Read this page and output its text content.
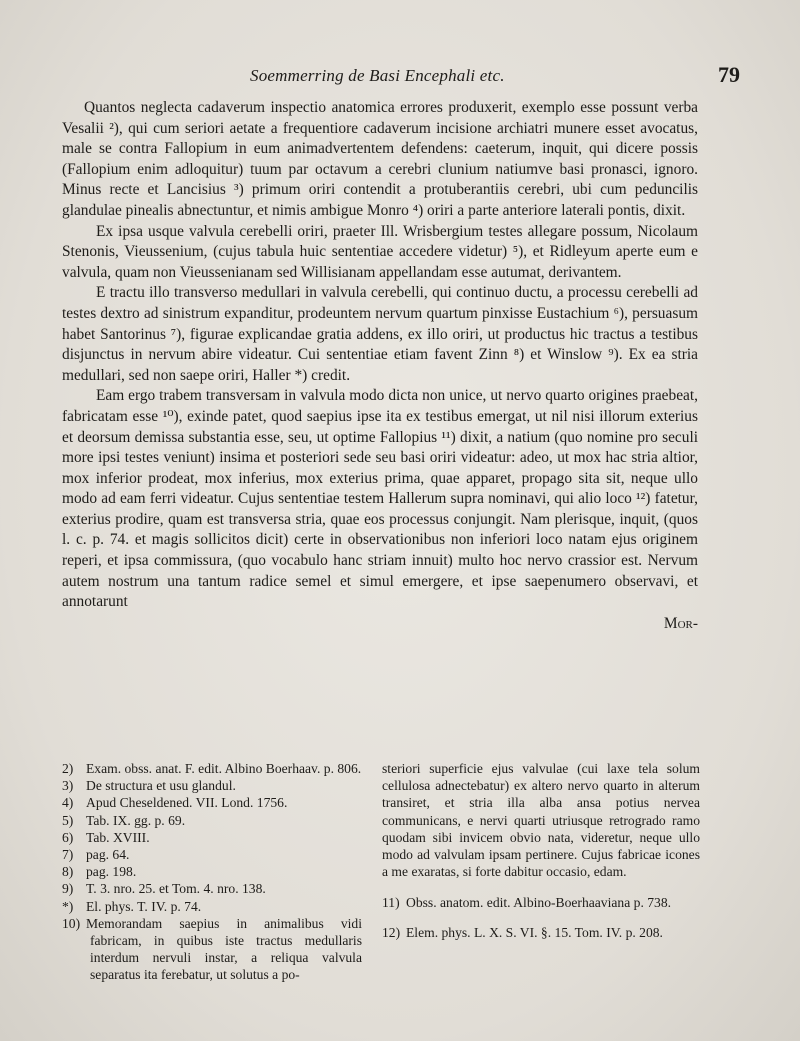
Soemmerring de Basi Encephali etc.	79

Quantos neglecta cadaverum inspectio anatomica errores produxerit, exemplo esse possunt verba Vesalii ²), qui cum seriori aetate a frequentiore cadaverum incisione archiatri munere esset avocatus, male se contra Fallopium in eum animadvertentem defendens: caeterum, inquit, qui dicere possis (Fallopium enim adloquitur) tuum par octavum a cerebri clunium natiumve basi pronasci, ignoro. Minus recte et Lancisius ³) primum oriri contendit a protuberantiis cerebri, ubi cum peduncilis glandulae pinealis abnectuntur, et nimis ambigue Monro ⁴) oriri a parte anteriore laterali pontis, dixit.

Ex ipsa usque valvula cerebelli oriri, praeter Ill. Wrisbergium testes allegare possum, Nicolaum Stenonis, Vieussenium, (cujus tabula huic sententiae accedere videtur) ⁵), et Ridleyum aperte eum e valvula, quam non Vieussenianam sed Willisianam appellandam esse autumat, derivantem.

E tractu illo transverso medullari in valvula cerebelli, qui continuo ductu, a processu cerebelli ad testes dextro ad sinistrum expanditur, prodeuntem nervum quartum pinxisse Eustachium ⁶), persuasum habet Santorinus ⁷), figurae explicandae gratia addens, ex illo oriri, ut productus hic tractus a testibus disjunctus in nervum abire videatur. Cui sententiae etiam favent Zinn ⁸) et Winslow ⁹). Ex ea stria medullari, sed non saepe oriri, Haller *) credit.

Eam ergo trabem transversam in valvula modo dicta non unice, ut nervo quarto origines praebeat, fabricatam esse ¹⁰), exinde patet, quod saepius ipse ita ex testibus emergat, ut nil nisi illorum exterius et deorsum demissa substantia esse, seu, ut optime Fallopius ¹¹) dixit, a natium (quo nomine pro seculi more ipsi testes veniunt) insima et posteriori sede seu basi oriri videatur: adeo, ut mox hac stria altior, mox inferior prodeat, mox inferius, mox exterius prima, quae apparet, propago sita sit, neque ullo modo ad eam ferri videatur. Cujus sententiae testem Hallerum supra nominavi, qui alio loco ¹²) fatetur, exterius prodire, quam est transversa stria, quae eos processus conjungit. Nam plerisque, inquit, (quos l. c. p. 74. et magis sollicitos dicit) certe in observationibus non inferiori loco natam ejus originem reperi, et ipsa commissura, (quo vocabulo hanc striam innuit) multo hoc nervo crassior est. Nervum autem nostrum una tantum radice semel et simul emergere, et ipse saepenumero observavi, et annotarunt

Mor-
2) Exam. obss. anat. F. edit. Albino Boerhaav. p. 806.
3) De structura et usu glandul.
4) Apud Cheseldened. VII. Lond. 1756.
5) Tab. IX. gg. p. 69.
6) Tab. XVIII.
7) pag. 64.
8) pag. 198.
9) T. 3. nro. 25. et Tom. 4. nro. 138.
*) El. phys. T. IV. p. 74.
10) Memorandam saepius in animalibus vidi fabricam, in quibus iste tractus medullaris interdum nervuli instar, a reliqua valvula separatus ita ferebatur, ut solutus a po-
steriori superficie ejus valvulae (cui laxe tela solum cellulosa adnectebatur) ex altero nervo quarto in alterum transiret, et stria illa alba ansa potius nervea communicans, e nervi quarti utriusque retrogrado ramo quodam sibi invicem obvio nata, videretur, neque ullo modo ad valvulam ipsam pertinere. Cujus fabricae icones a me exaratas, si forte dabitur occasio, edam.
11) Obss. anatom. edit. Albino-Boerhaaviana p. 738.
12) Elem. phys. L. X. S. VI. §. 15. Tom. IV. p. 208.
